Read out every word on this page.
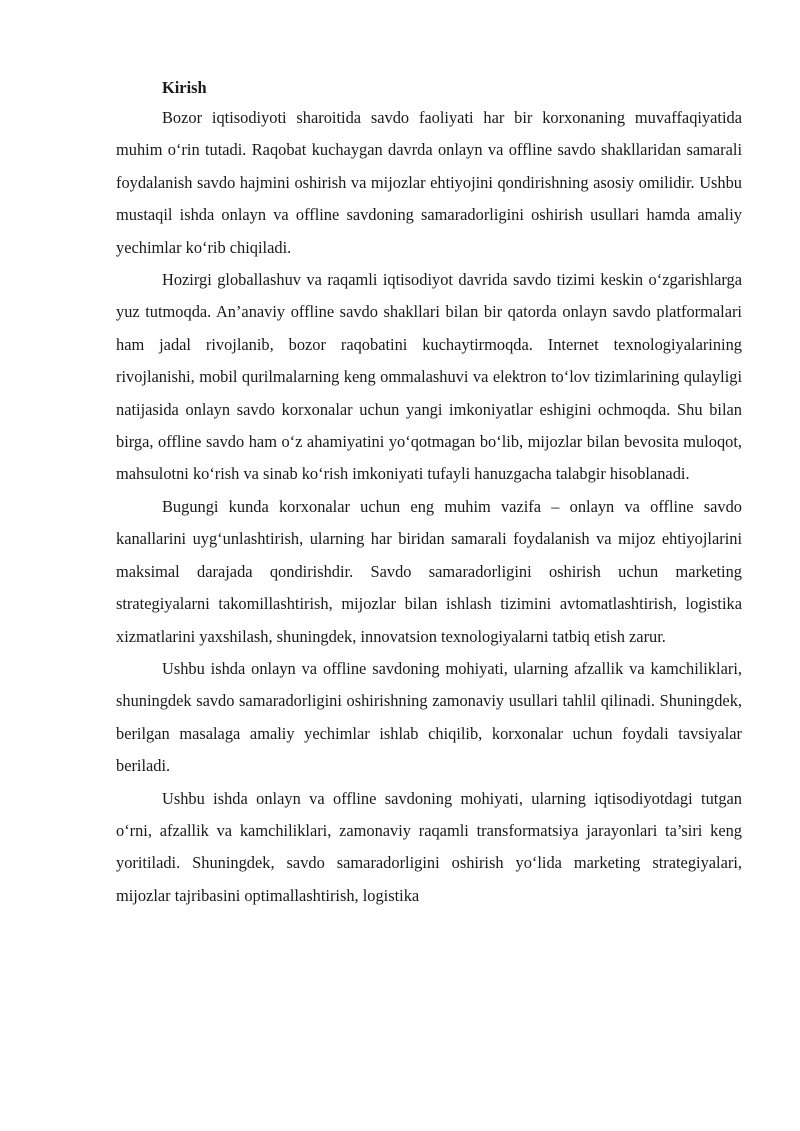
Kirish

Bozor iqtisodiyoti sharoitida savdo faoliyati har bir korxonaning muvaffaqiyatida muhim o‘rin tutadi. Raqobat kuchaygan davrda onlayn va offline savdo shakllaridan samarali foydalanish savdo hajmini oshirish va mijozlar ehtiyojini qondirishning asosiy omilidir. Ushbu mustaqil ishda onlayn va offline savdoning samaradorligini oshirish usullari hamda amaliy yechimlar ko‘rib chiqiladi.

Hozirgi globallashuv va raqamli iqtisodiyot davrida savdo tizimi keskin o‘zgarishlarga yuz tutmoqda. An’anaviy offline savdo shakllari bilan bir qatorda onlayn savdo platformalari ham jadal rivojlanib, bozor raqobatini kuchaytirmoqda. Internet texnologiyalarining rivojlanishi, mobil qurilmalarning keng ommalashuvi va elektron to‘lov tizimlarining qulayligi natijasida onlayn savdo korxonalar uchun yangi imkoniyatlar eshigini ochmoqda. Shu bilan birga, offline savdo ham o‘z ahamiyatini yo‘qotmagan bo‘lib, mijozlar bilan bevosita muloqot, mahsulotni ko‘rish va sinab ko‘rish imkoniyati tufayli hanuzgacha talabgir hisoblanadi.

Bugungi kunda korxonalar uchun eng muhim vazifa – onlayn va offline savdo kanallarini uyg‘unlashtirish, ularning har biridan samarali foydalanish va mijoz ehtiyojlarini maksimal darajada qondirishdir. Savdo samaradorligini oshirish uchun marketing strategiyalarni takomillashtirish, mijozlar bilan ishlash tizimini avtomatlashtirish, logistika xizmatlarini yaxshilash, shuningdek, innovatsion texnologiyalarni tatbiq etish zarur.

Ushbu ishda onlayn va offline savdoning mohiyati, ularning afzallik va kamchiliklari, shuningdek savdo samaradorligini oshirishning zamonaviy usullari tahlil qilinadi. Shuningdek, berilgan masalaga amaliy yechimlar ishlab chiqilib, korxonalar uchun foydali tavsiyalar beriladi.

Ushbu ishda onlayn va offline savdoning mohiyati, ularning iqtisodiyotdagi tutgan o‘rni, afzallik va kamchiliklari, zamonaviy raqamli transformatsiya jarayonlari ta’siri keng yoritiladi. Shuningdek, savdo samaradorligini oshirish yo‘lida marketing strategiyalari, mijozlar tajribasini optimallashtirish, logistika
